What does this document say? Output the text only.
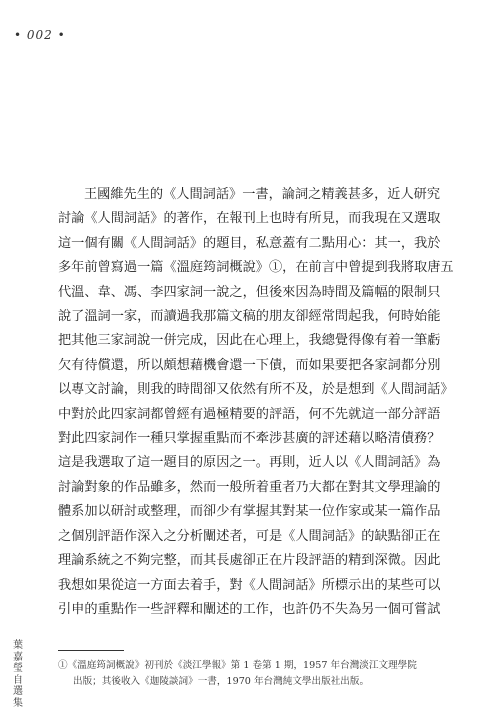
• 002 •
王國維先生的《人間詞話》一書，論詞之精義甚多，近人研究
討論《人間詞話》的著作，在報刊上也時有所見，而我現在又選取
這一個有關《人間詞話》的題目，私意蓋有二點用心：其一，我於
多年前曾寫過一篇《溫庭筠詞概說》①，在前言中曾提到我將取唐五
代溫、韋、馮、李四家詞一說之，但後來因為時間及篇幅的限制只
說了溫詞一家，而讀過我那篇文稿的朋友卻經常問起我，何時始能
把其他三家詞說一併完成，因此在心理上，我總覺得像有着一筆虧
欠有待償還，所以頗想藉機會還一下債，而如果要把各家詞都分別
以專文討論，則我的時間卻又依然有所不及，於是想到《人間詞話》
中對於此四家詞都曾經有過極精要的評語，何不先就這一部分評語
對此四家詞作一種只掌握重點而不牽涉甚廣的評述藉以略清債務？
這是我選取了這一題目的原因之一。再則，近人以《人間詞話》為
討論對象的作品雖多，然而一般所着重者乃大都在對其文學理論的
體系加以研討或整理，而卻少有掌握其對某一位作家或某一篇作品
之個別評語作深入之分析闡述者，可是《人間詞話》的缺點卻正在
理論系統之不夠完整，而其長處卻正在片段評語的精到深微。因此
我想如果從這一方面去着手，對《人間詞話》所標示出的某些可以
引申的重點作一些評釋和闡述的工作，也許仍不失為另一個可嘗試
①《溫庭筠詞概說》初刊於《淡江學報》第 1 卷第 1 期，1957 年台灣淡江文理學院
出版；其後收入《迦陵談詞》一書，1970 年台灣純文學出版社出版。
葉
嘉
瑩
自
選
集
